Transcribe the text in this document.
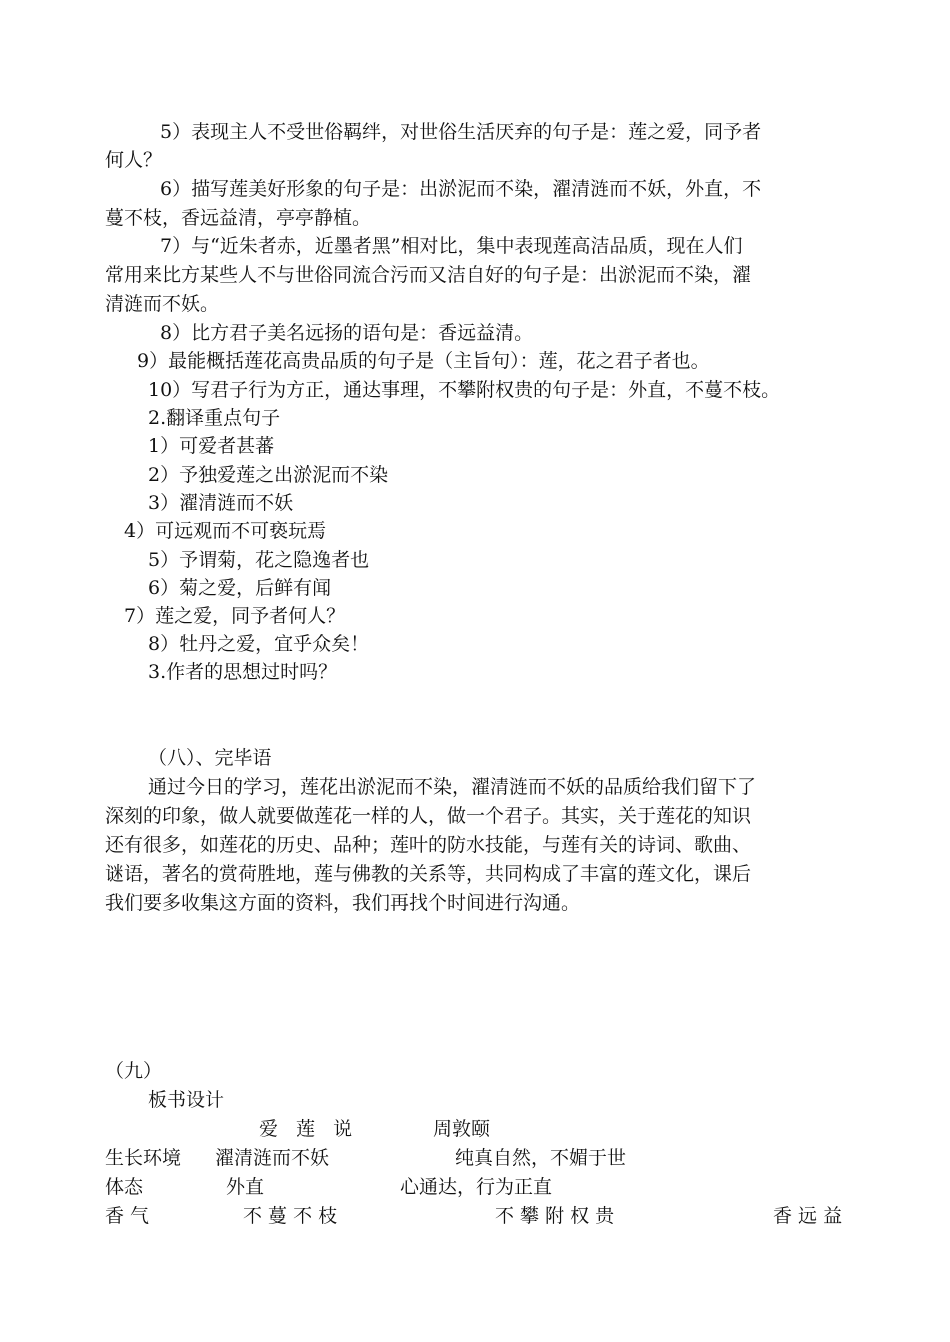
5）表现主人不受世俗羁绊，对世俗生活厌弃的句子是：莲之爱，同予者
何人？
6）描写莲美好形象的句子是：出淤泥而不染，濯清涟而不妖，外直，不
蔓不枝，香远益清，亭亭静植。
7）与“近朱者赤，近墨者黑”相对比，集中表现莲高洁品质，现在人们
常用来比方某些人不与世俗同流合污而又洁自好的句子是：出淤泥而不染，濯
清涟而不妖。
8）比方君子美名远扬的语句是：香远益清。
9）最能概括莲花高贵品质的句子是（主旨句）：莲，花之君子者也。
10）写君子行为方正，通达事理，不攀附权贵的句子是：外直，不蔓不枝。
2.翻译重点句子
1）可爱者甚蕃
2）予独爱莲之出淤泥而不染
3）濯清涟而不妖
4）可远观而不可亵玩焉
5）予谓菊，花之隐逸者也
6）菊之爱，后鲜有闻
7）莲之爱，同予者何人？
8）牡丹之爱，宜乎众矣！
3.作者的思想过时吗？
（八）、完毕语
通过今日的学习，莲花出淤泥而不染，濯清涟而不妖的品质给我们留下了
深刻的印象，做人就要做莲花一样的人，做一个君子。其实，关于莲花的知识
还有很多，如莲花的历史、品种；莲叶的防水技能，与莲有关的诗词、歌曲、
谜语，著名的赏荷胜地，莲与佛教的关系等，共同构成了丰富的莲文化，课后
我们要多收集这方面的资料，我们再找个时间进行沟通。
（九）
板书设计
爱 莲 说	周敦颐
生长环境 濯清涟而不妖	纯真自然，不媚于世
体态	外直	心通达，行为正直
香 气	不 蔓 不 枝	不 攀 附 权 贵	香 远 益
